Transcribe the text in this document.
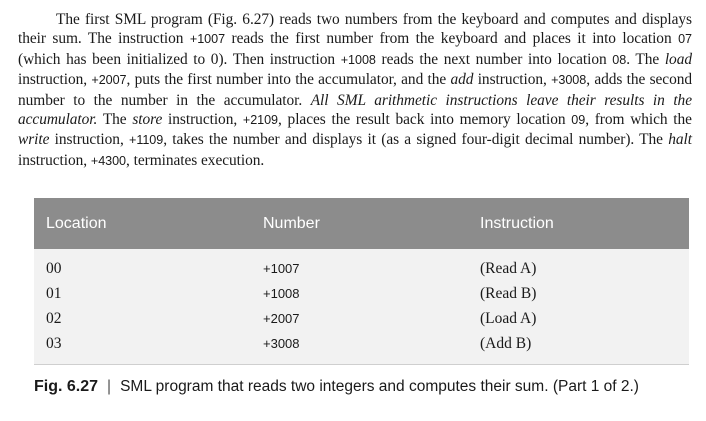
The first SML program (Fig. 6.27) reads two numbers from the keyboard and computes and displays their sum. The instruction +1007 reads the first number from the keyboard and places it into location 07 (which has been initialized to 0). Then instruction +1008 reads the next number into location 08. The load instruction, +2007, puts the first number into the accumulator, and the add instruction, +3008, adds the second number to the number in the accumulator. All SML arithmetic instructions leave their results in the accumulator. The store instruction, +2109, places the result back into memory location 09, from which the write instruction, +1109, takes the number and displays it (as a signed four-digit decimal number). The halt instruction, +4300, terminates execution.

Location	Number	Instruction
00	+1007	(Read A)
01	+1008	(Read B)
02	+2007	(Load A)
03	+3008	(Add B)
Fig. 6.27 | SML program that reads two integers and computes their sum. (Part 1 of 2.)
